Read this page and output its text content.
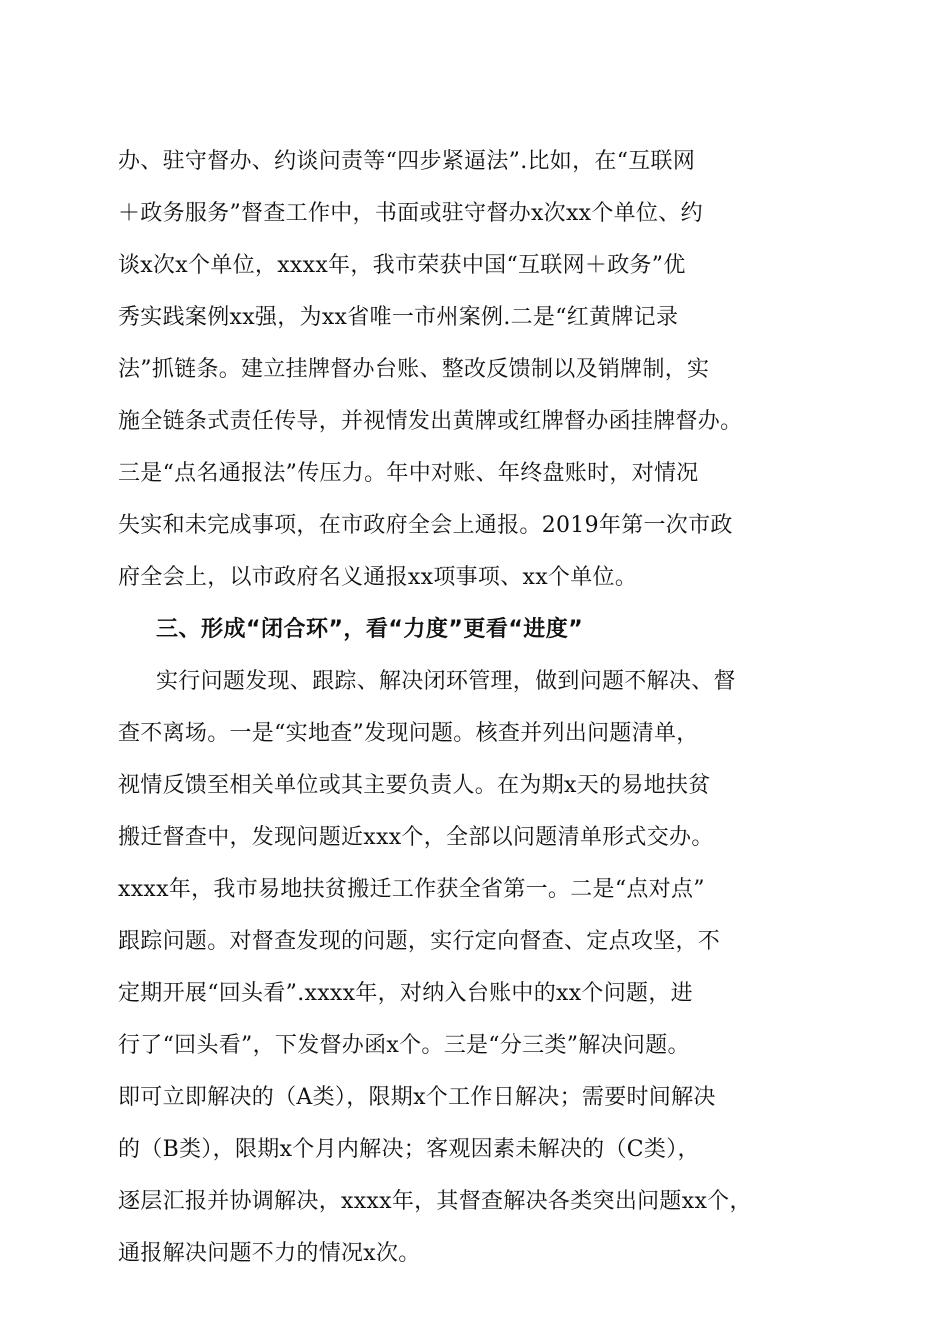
办、驻守督办、约谈问责等“四步紧逼法”.比如，在“互联网
＋政务服务”督查工作中，书面或驻守督办x次xx个单位、约
谈x次x个单位，xxxx年，我市荣获中国“互联网＋政务”优
秀实践案例xx强，为xx省唯一市州案例.二是“红黄牌记录
法”抓链条。建立挂牌督办台账、整改反馈制以及销牌制，实
施全链条式责任传导，并视情发出黄牌或红牌督办函挂牌督办。
三是“点名通报法”传压力。年中对账、年终盘账时，对情况
失实和未完成事项，在市政府全会上通报。2019年第一次市政
府全会上，以市政府名义通报xx项事项、xx个单位。
三、形成“闭合环”，看“力度”更看“进度”
实行问题发现、跟踪、解决闭环管理，做到问题不解决、督
查不离场。一是“实地查”发现问题。核查并列出问题清单，
视情反馈至相关单位或其主要负责人。在为期x天的易地扶贫
搬迁督查中，发现问题近xxx个，全部以问题清单形式交办。
xxxx年，我市易地扶贫搬迁工作获全省第一。二是“点对点”
跟踪问题。对督查发现的问题，实行定向督查、定点攻坚，不
定期开展“回头看”.xxxx年，对纳入台账中的xx个问题，进
行了“回头看”，下发督办函x个。三是“分三类”解决问题。
即可立即解决的（A类），限期x个工作日解决；需要时间解决
的（B类），限期x个月内解决；客观因素未解决的（C类），
逐层汇报并协调解决，xxxx年，其督查解决各类突出问题xx个，
通报解决问题不力的情况x次。
